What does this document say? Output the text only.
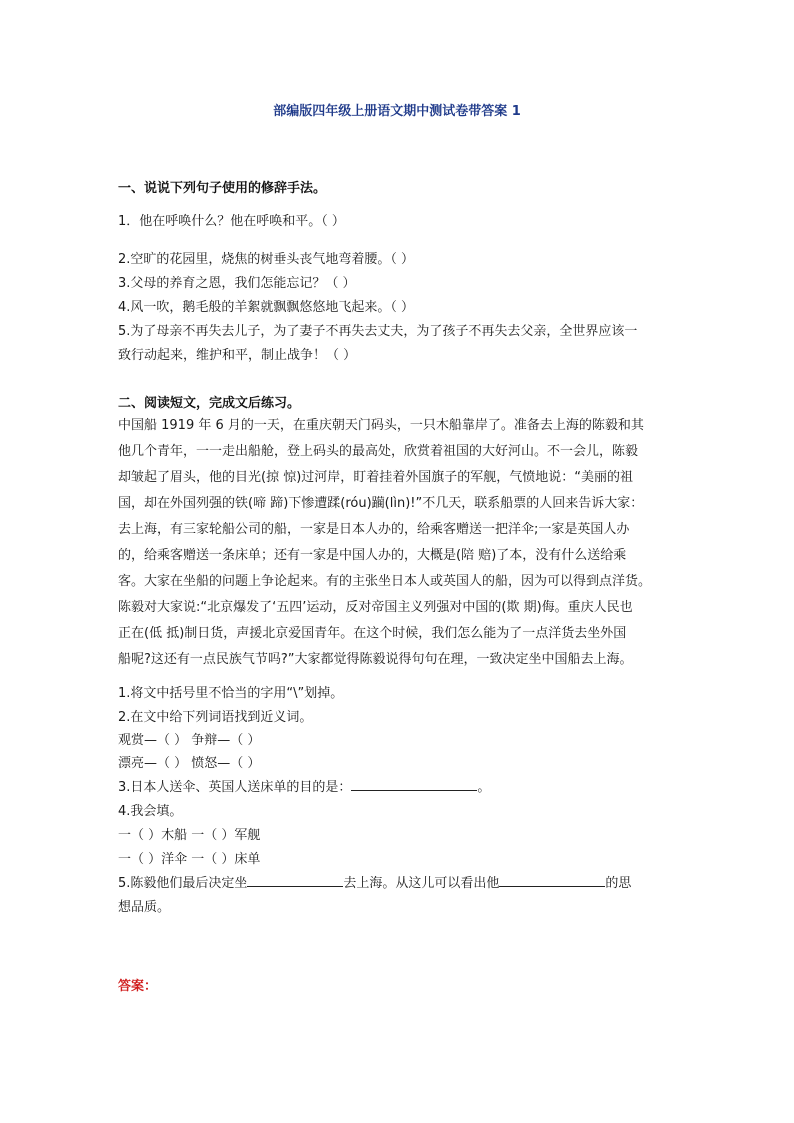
部编版四年级上册语文期中测试卷带答案 1
一、说说下列句子使用的修辞手法。
1．他在呼唤什么？他在呼唤和平。（ ）
2.空旷的花园里，烧焦的树垂头丧气地弯着腰。（ ）
3.父母的养育之恩，我们怎能忘记？（ ）
4.风一吹，鹅毛般的羊絮就飘飘悠悠地飞起来。（ ）
5.为了母亲不再失去儿子，为了妻子不再失去丈夫，为了孩子不再失去父亲，全世界应该一
致行动起来，维护和平，制止战争！（ ）
二、阅读短文，完成文后练习。
中国船 1919 年 6 月的一天，在重庆朝天门码头，一只木船靠岸了。准备去上海的陈毅和其
他几个青年，一一走出船舱，登上码头的最高处，欣赏着祖国的大好河山。不一会儿，陈毅
却皱起了眉头，他的目光(掠 惊)过河岸，盯着挂着外国旗子的军舰，气愤地说：“美丽的祖
国，却在外国列强的铁(啼 蹄)下惨遭蹂(róu)躏(lìn)!”不几天，联系船票的人回来告诉大家：
去上海，有三家轮船公司的船，一家是日本人办的，给乘客赠送一把洋伞;一家是英国人办
的，给乘客赠送一条床单；还有一家是中国人办的，大概是(陪 赔)了本，没有什么送给乘
客。大家在坐船的问题上争论起来。有的主张坐日本人或英国人的船，因为可以得到点洋货。
陈毅对大家说:“北京爆发了‘五四’运动，反对帝国主义列强对中国的(欺 期)侮。重庆人民也
正在(低 抵)制日货，声援北京爱国青年。在这个时候，我们怎么能为了一点洋货去坐外国
船呢?这还有一点民族气节吗?”大家都觉得陈毅说得句句在理，一致决定坐中国船去上海。
1.将文中括号里不恰当的字用“\”划掉。
2.在文中给下列词语找到近义词。
观赏—（ ） 争辩—（ ）
漂亮—（ ） 愤怒—（ ）
3.日本人送伞、英国人送床单的目的是：	。
4.我会填。
一（ ）木船 一（ ）军舰
一（ ）洋伞 一（ ）床单
5.陈毅他们最后决定坐	去上海。从这儿可以看出他	的思
想品质。
答案：
